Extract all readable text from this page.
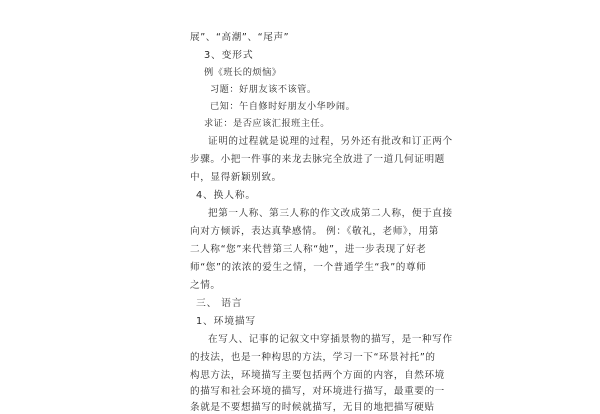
展”、“高潮”、“尾声”
3、变形式
例《班长的烦恼》
习题：好朋友该不该管。
已知：午自修时好朋友小华吵闹。
求证：是否应该汇报班主任。
证明的过程就是说理的过程，另外还有批改和订正两个
步骤。小把一件事的来龙去脉完全放进了一道几何证明题
中，显得新颖别致。
4、换人称。
把第一人称、第三人称的作文改成第二人称，便于直接
向对方倾诉，表达真挚感情。 例：《敬礼，老师》，用第
二人称“您”来代替第三人称“她”，进一步表现了好老
师“您”的浓浓的爱生之情，一个普通学生“我”的尊师
之情。
三、 语言
1、环境描写
在写人、记事的记叙文中穿插景物的描写，是一种写作
的技法，也是一种构思的方法，学习一下“环景衬托”的
构思方法，环境描写主要包括两个方面的内容，自然环境
的描写和社会环境的描写，对环境进行描写，最重要的一
条就是不要想描写的时候就描写，无目的地把描写硬贴
